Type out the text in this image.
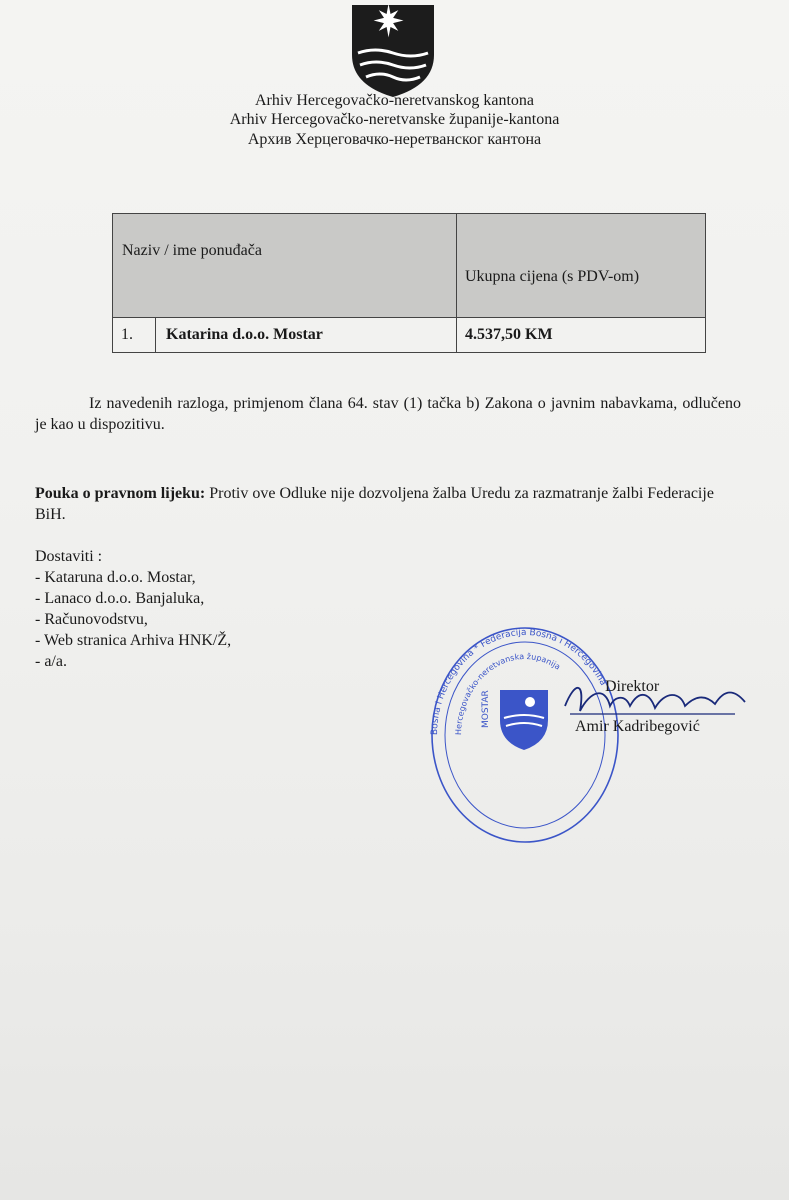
Arhiv Hercegovačko-neretvanskog kantona
Arhiv Hercegovačko-neretvanske županije-kantona
Архив Херцеговачко-неретванског кантона
Naziv / ime ponuđača		Ukupna cijena (s PDV-om)

1.	Katarina d.o.o. Mostar	4.537,50 KM
Iz navedenih razloga, primjenom člana 64. stav (1) tačka b) Zakona o javnim nabavkama, odlučeno je kao u dispozitivu.
Pouka o pravnom lijeku: Protiv ove Odluke nije dozvoljena žalba Uredu za razmatranje žalbi Federacije BiH.
Dostaviti :
- Kataruna d.o.o. Mostar,
- Lanaco d.o.o. Banjaluka,
- Računovodstvu,
- Web stranica Arhiva HNK/Ž,
- a/a.
Bosna i Hercegovina * Federacija Bosna i Hercegovina
Hercegovačko-neretvanska županija
MOSTAR
Direktor
Amir Kadribegović
